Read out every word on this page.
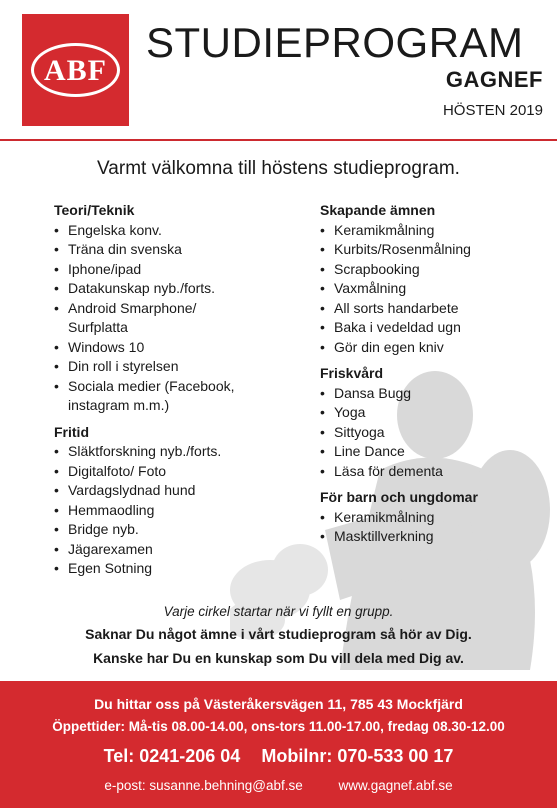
ABF
STUDIEPROGRAM
GAGNEF
HÖSTEN 2019
Varmt välkomna till höstens studieprogram.
Teori/Teknik
• Engelska konv.
• Träna din svenska
• Iphone/ipad
• Datakunskap nyb./forts.
• Android Smarphone/ Surfplatta
• Windows 10
• Din roll i styrelsen
• Sociala medier (Facebook, instagram m.m.)
Fritid
• Släktforskning nyb./forts.
• Digitalfoto/ Foto
• Vardagslydnad hund
• Hemmaodling
• Bridge nyb.
• Jägarexamen
• Egen Sotning
Skapande ämnen
• Keramikmålning
• Kurbits/Rosenmålning
• Scrapbooking
• Vaxmålning
• All sorts handarbete
• Baka i vedeldad ugn
• Gör din egen kniv
Friskvård
• Dansa Bugg
• Yoga
• Sittyoga
• Line Dance
• Läsa för dementa
För barn och ungdomar
• Keramikmålning
• Masktillverkning
Varje cirkel startar när vi fyllt en grupp.
Saknar Du något ämne i vårt studieprogram så hör av Dig.
Kanske har Du en kunskap som Du vill dela med Dig av.
Du hittar oss på Västeråkersvägen 11, 785 43 Mockfjärd
Öppettider: Må-tis 08.00-14.00, ons-tors 11.00-17.00, fredag 08.30-12.00
Tel: 0241-206 04 Mobilnr: 070-533 00 17
e-post: susanne.behning@abf.se	www.gagnef.abf.se
